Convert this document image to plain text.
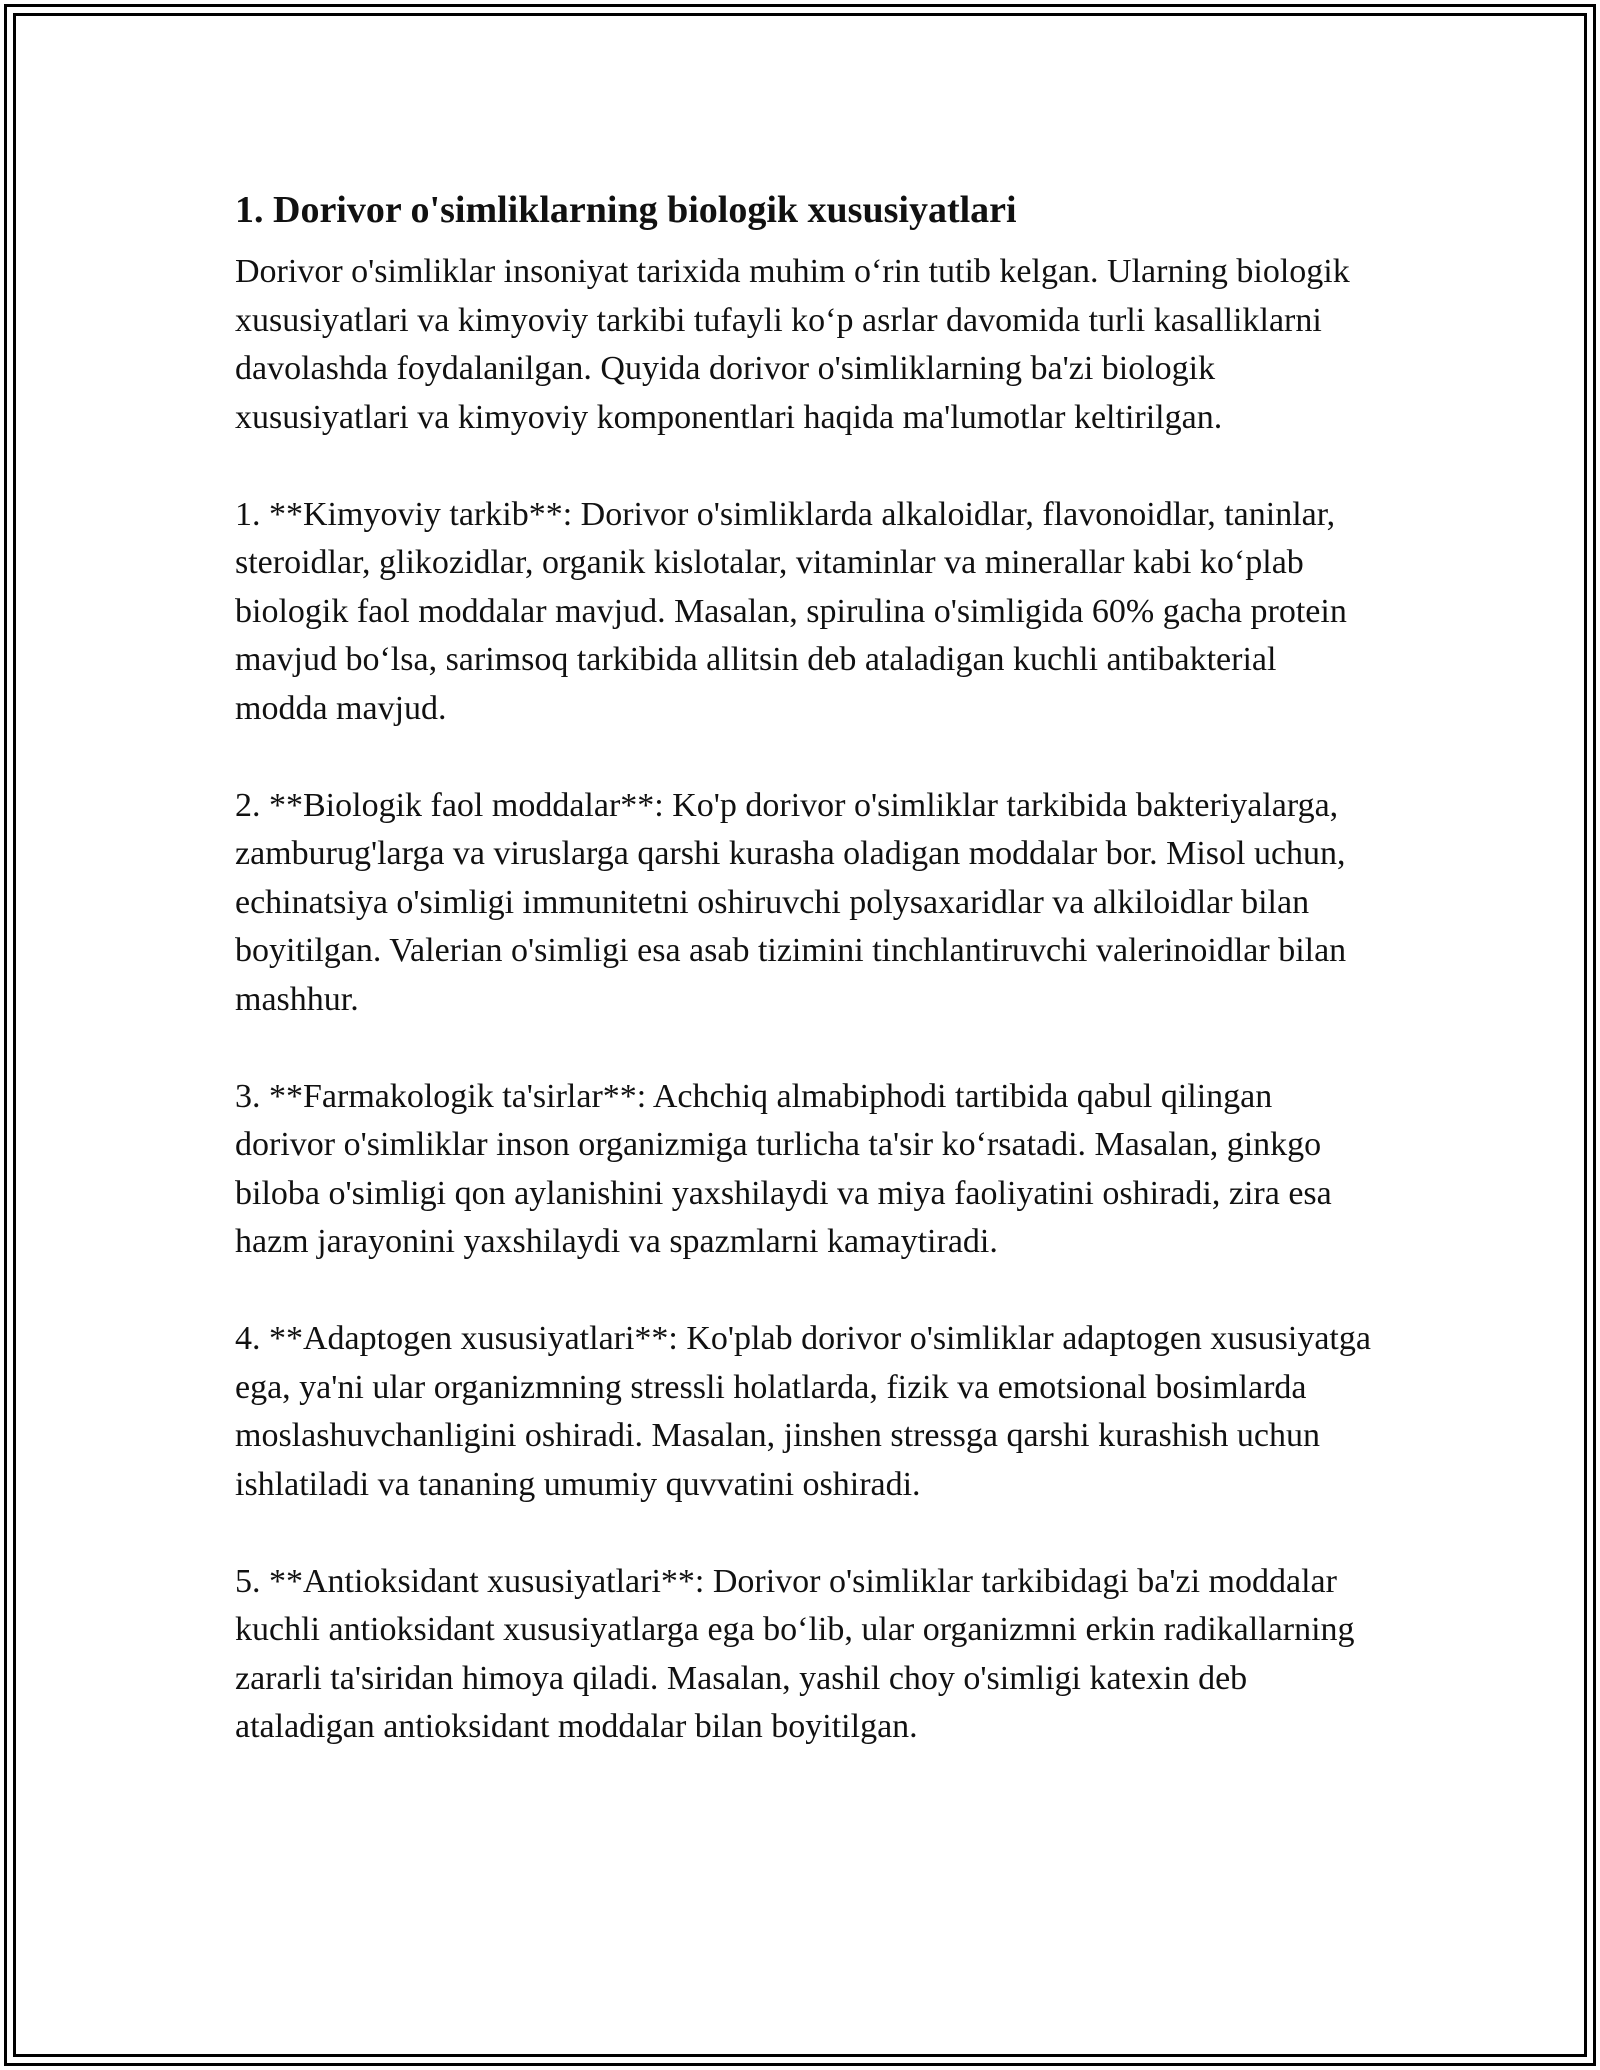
1. Dorivor o'simliklarning biologik xususiyatlari

Dorivor o'simliklar insoniyat tarixida muhim o‘rin tutib kelgan. Ularning biologik xususiyatlari va kimyoviy tarkibi tufayli ko‘p asrlar davomida turli kasalliklarni davolashda foydalanilgan. Quyida dorivor o'simliklarning ba'zi biologik xususiyatlari va kimyoviy komponentlari haqida ma'lumotlar keltirilgan.

1. **Kimyoviy tarkib**: Dorivor o'simliklarda alkaloidlar, flavonoidlar, taninlar, steroidlar, glikozidlar, organik kislotalar, vitaminlar va minerallar kabi ko‘plab biologik faol moddalar mavjud. Masalan, spirulina o'simligida 60% gacha protein mavjud bo‘lsa, sarimsoq tarkibida allitsin deb ataladigan kuchli antibakterial modda mavjud.

2. **Biologik faol moddalar**: Ko'p dorivor o'simliklar tarkibida bakteriyalarga, zamburug'larga va viruslarga qarshi kurasha oladigan moddalar bor. Misol uchun, echinatsiya o'simligi immunitetni oshiruvchi polysaxaridlar va alkiloidlar bilan boyitilgan. Valerian o'simligi esa asab tizimini tinchlantiruvchi valerinoidlar bilan mashhur.

3. **Farmakologik ta'sirlar**: Achchiq almabiphodi tartibida qabul qilingan dorivor o'simliklar inson organizmiga turlicha ta'sir ko‘rsatadi. Masalan, ginkgo biloba o'simligi qon aylanishini yaxshilaydi va miya faoliyatini oshiradi, zira esa hazm jarayonini yaxshilaydi va spazmlarni kamaytiradi.

4. **Adaptogen xususiyatlari**: Ko'plab dorivor o'simliklar adaptogen xususiyatga ega, ya'ni ular organizmning stressli holatlarda, fizik va emotsional bosimlarda moslashuvchanligini oshiradi. Masalan, jinshen stressga qarshi kurashish uchun ishlatiladi va tananing umumiy quvvatini oshiradi.

5. **Antioksidant xususiyatlari**: Dorivor o'simliklar tarkibidagi ba'zi moddalar kuchli antioksidant xususiyatlarga ega bo‘lib, ular organizmni erkin radikallarning zararli ta'siridan himoya qiladi. Masalan, yashil choy o'simligi katexin deb ataladigan antioksidant moddalar bilan boyitilgan.
